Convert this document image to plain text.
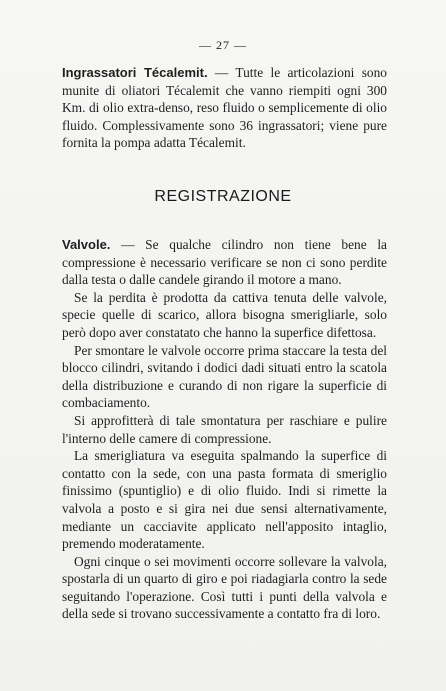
— 27 —

Ingrassatori Técalemit. — Tutte le articolazioni sono munite di oliatori Técalemit che vanno riempiti ogni 300 Km. di olio extra-denso, reso fluido o semplicemente di olio fluido. Complessivamente sono 36 ingrassatori; viene pure fornita la pompa adatta Técalemit.

REGISTRAZIONE

Valvole. — Se qualche cilindro non tiene bene la compressione è necessario verificare se non ci sono perdite dalla testa o dalle candele girando il motore a mano.

Se la perdita è prodotta da cattiva tenuta delle valvole, specie quelle di scarico, allora bisogna smerigliarle, solo però dopo aver constatato che hanno la superfice difettosa.

Per smontare le valvole occorre prima staccare la testa del blocco cilindri, svitando i dodici dadi situati entro la scatola della distribuzione e curando di non rigare la superficie di combaciamento.

Si approfitterà di tale smontatura per raschiare e pulire l'interno delle camere di compressione.

La smerigliatura va eseguita spalmando la superfice di contatto con la sede, con una pasta formata di smeriglio finissimo (spuntiglio) e di olio fluido. Indi si rimette la valvola a posto e si gira nei due sensi alternativamente, mediante un cacciavite applicato nell'apposito intaglio, premendo moderatamente.

Ogni cinque o sei movimenti occorre sollevare la valvola, spostarla di un quarto di giro e poi riadagiarla contro la sede seguitando l'operazione. Così tutti i punti della valvola e della sede si trovano successivamente a contatto fra di loro.
